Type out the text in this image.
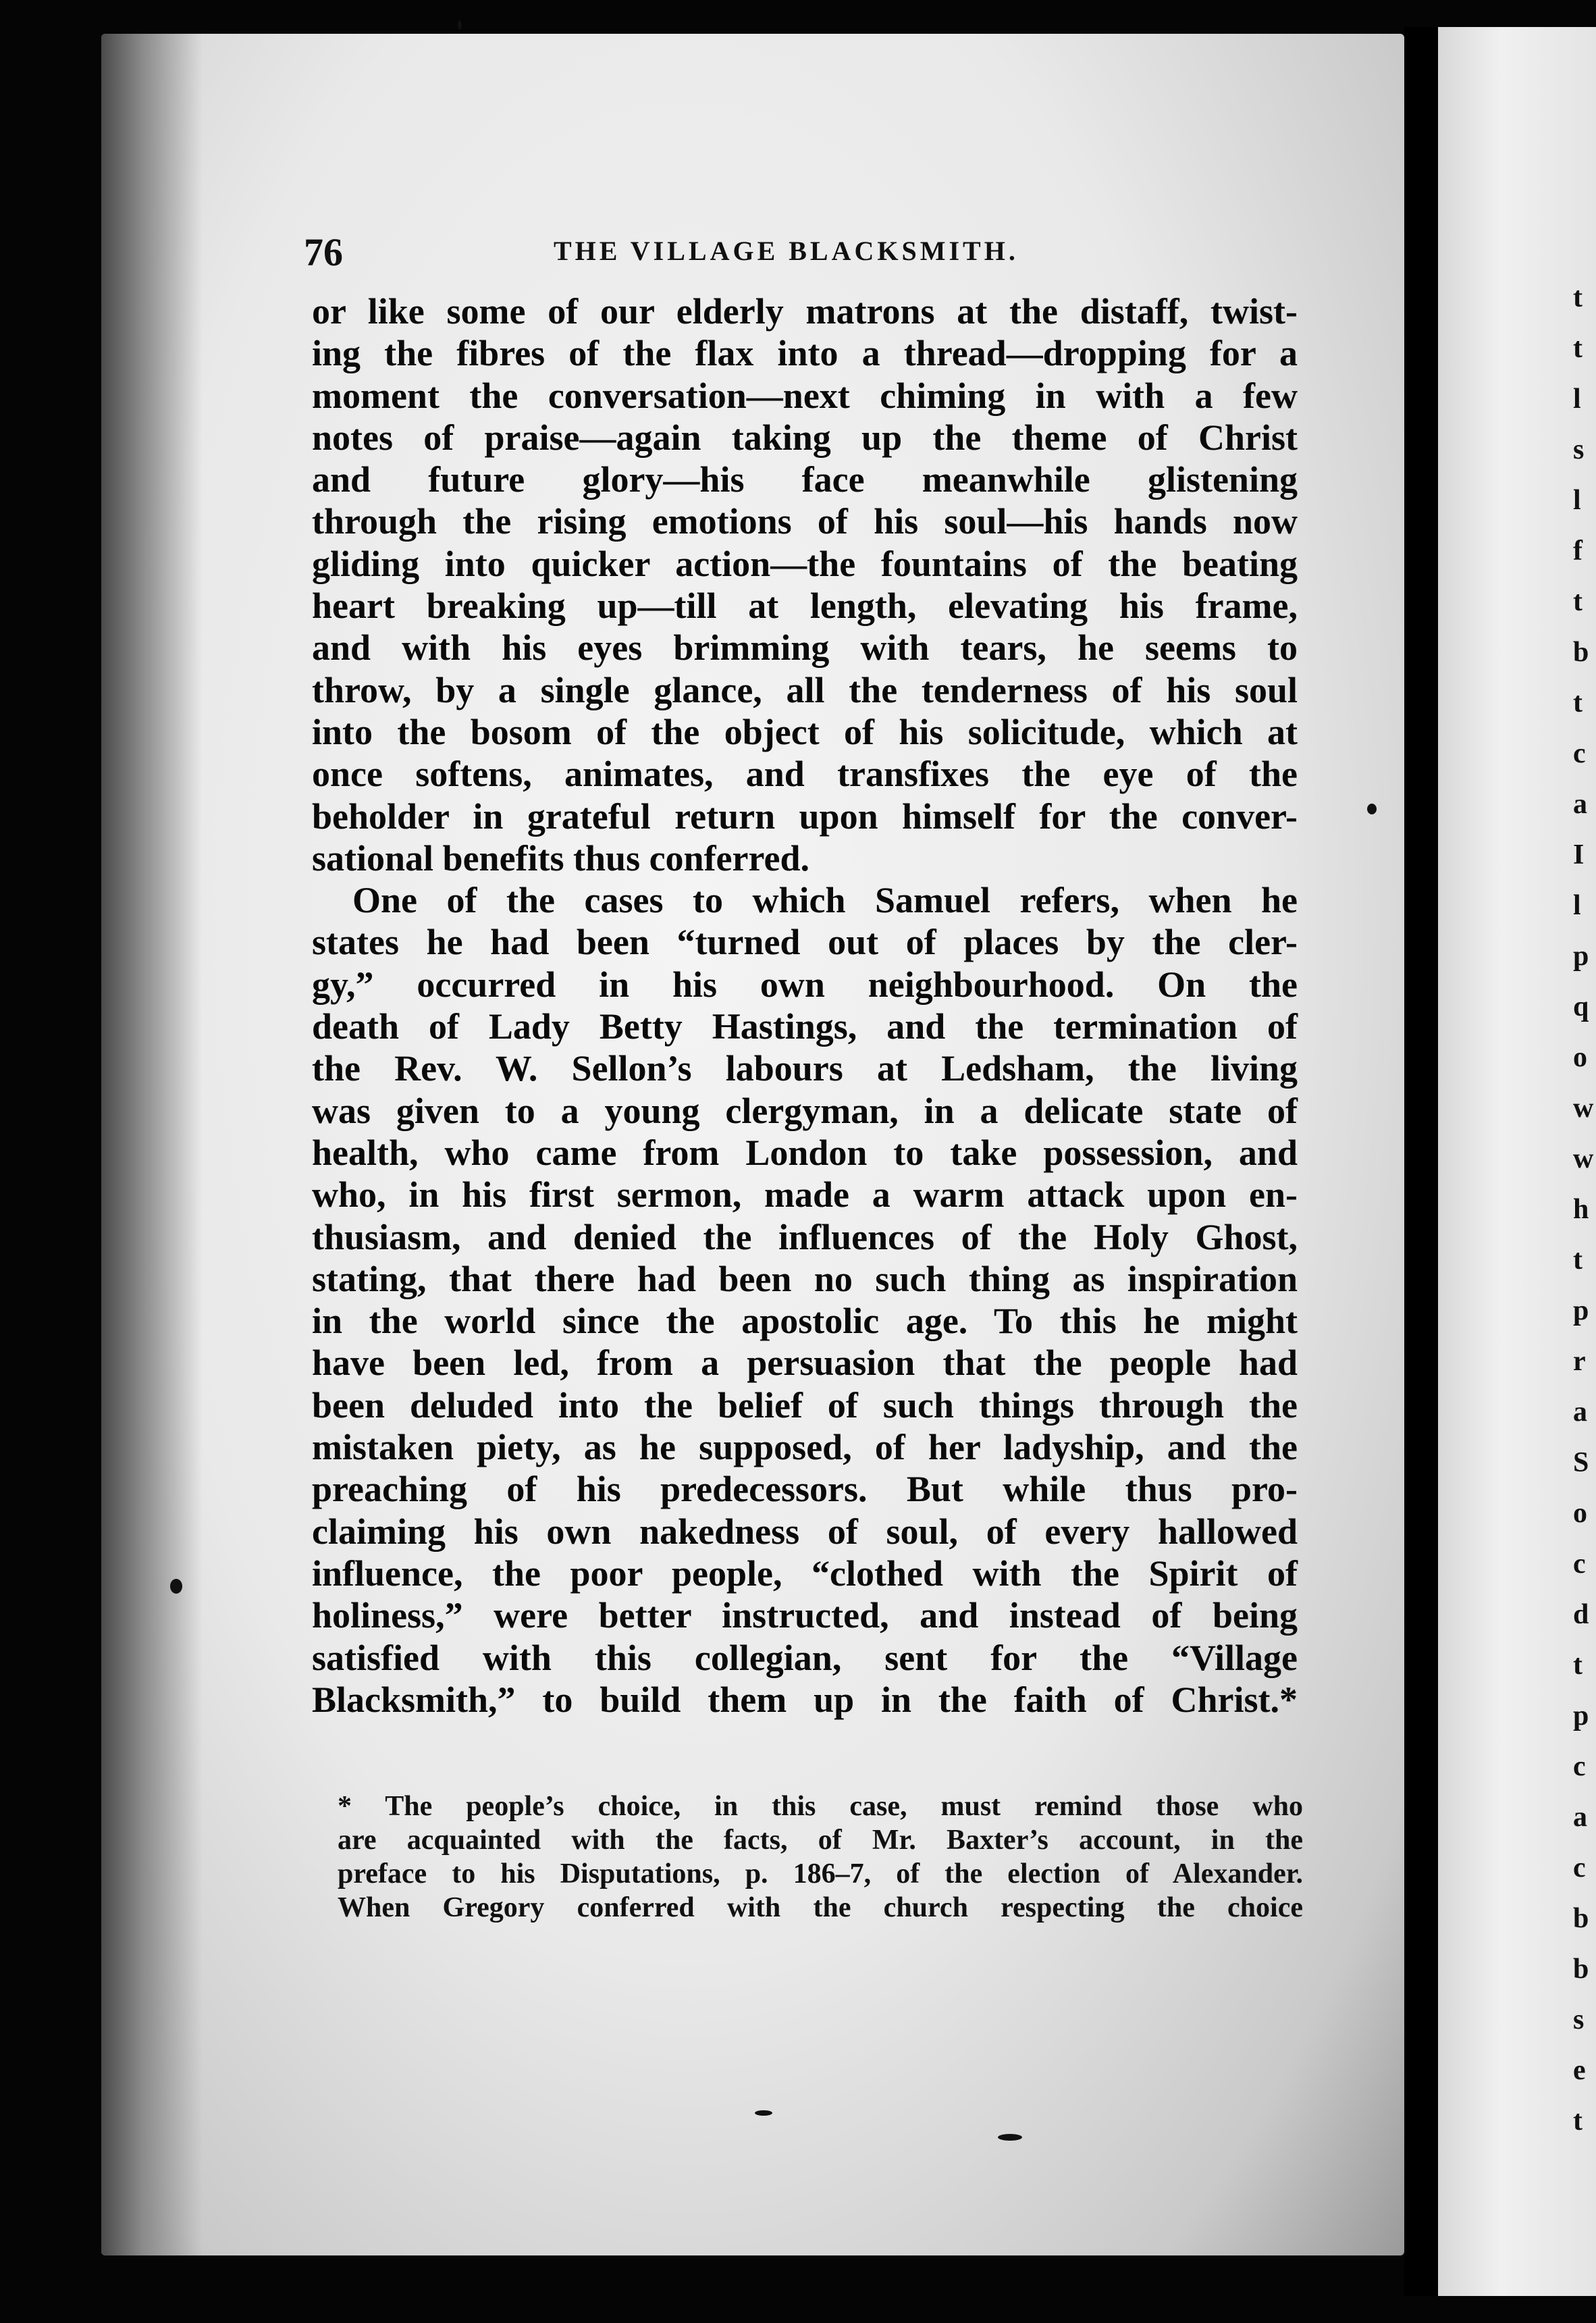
t
t
l
s
l
f
t
b
t
c
a
I
l
p
q
o
w
w
h
t
p
r
a
S
o
c
d
t
p
c
a
c
b
b
s
e
t
76	THE VILLAGE BLACKSMITH.
or like some of our elderly matrons at the distaff, twist-
ing the fibres of the flax into a thread—dropping for a
moment the conversation—next chiming in with a few
notes of praise—again taking up the theme of Christ
and future glory—his face meanwhile glistening
through the rising emotions of his soul—his hands now
gliding into quicker action—the fountains of the beating
heart breaking up—till at length, elevating his frame,
and with his eyes brimming with tears, he seems to
throw, by a single glance, all the tenderness of his soul
into the bosom of the object of his solicitude, which at
once softens, animates, and transfixes the eye of the
beholder in grateful return upon himself for the conver-
sational benefits thus conferred.
One of the cases to which Samuel refers, when he
states he had been “turned out of places by the cler-
gy,” occurred in his own neighbourhood. On the
death of Lady Betty Hastings, and the termination of
the Rev. W. Sellon’s labours at Ledsham, the living
was given to a young clergyman, in a delicate state of
health, who came from London to take possession, and
who, in his first sermon, made a warm attack upon en-
thusiasm, and denied the influences of the Holy Ghost,
stating, that there had been no such thing as inspiration
in the world since the apostolic age. To this he might
have been led, from a persuasion that the people had
been deluded into the belief of such things through the
mistaken piety, as he supposed, of her ladyship, and the
preaching of his predecessors. But while thus pro-
claiming his own nakedness of soul, of every hallowed
influence, the poor people, “clothed with the Spirit of
holiness,” were better instructed, and instead of being
satisfied with this collegian, sent for the “Village
Blacksmith,” to build them up in the faith of Christ.*
* The people’s choice, in this case, must remind those who
are acquainted with the facts, of Mr. Baxter’s account, in the
preface to his Disputations, p. 186–7, of the election of Alexander.
When Gregory conferred with the church respecting the choice
